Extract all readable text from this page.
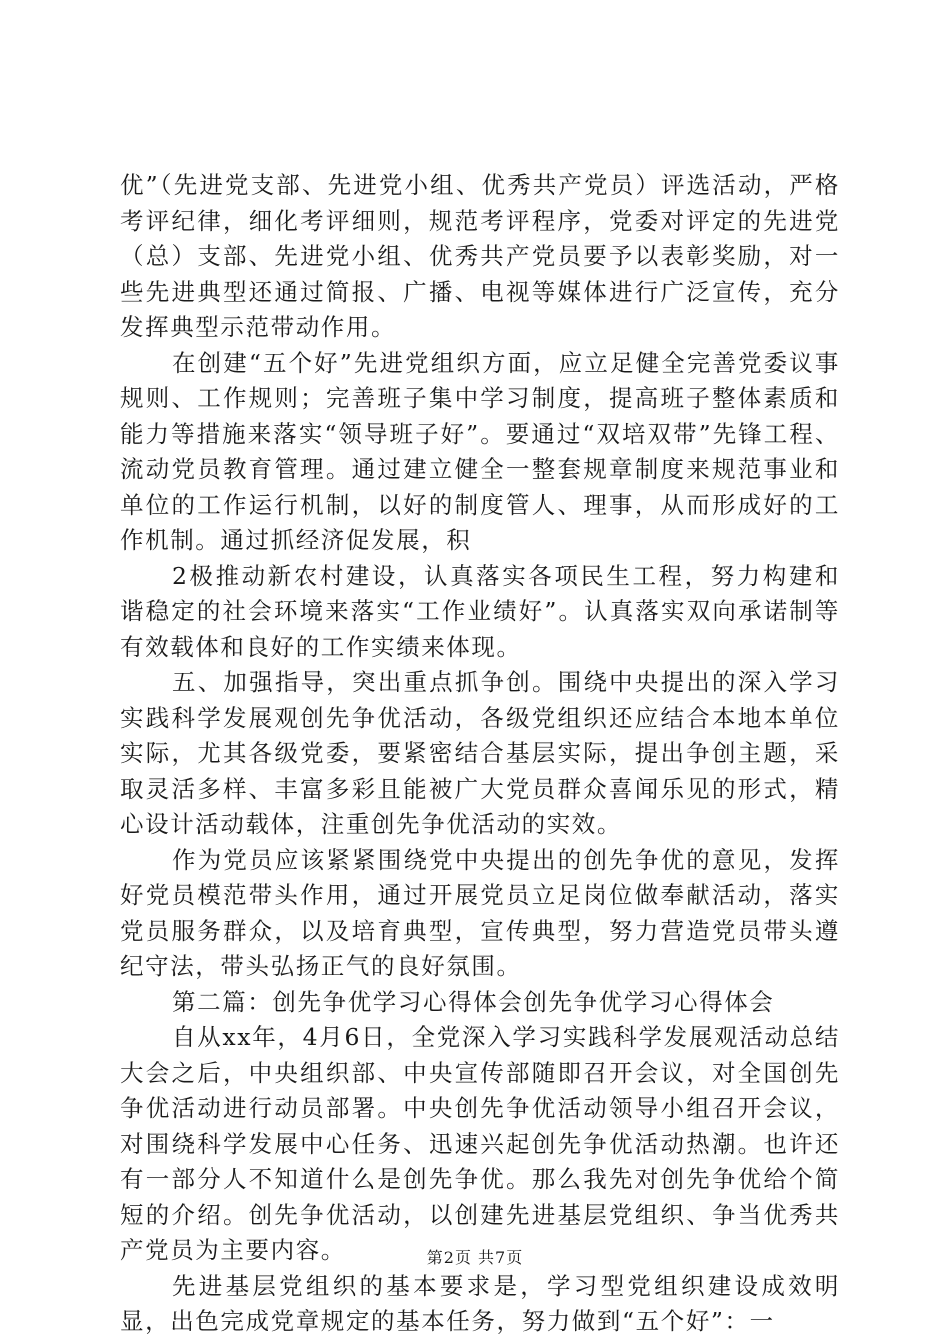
优”（先进党支部、先进党小组、优秀共产党员）评选活动，严格考评纪律，细化考评细则，规范考评程序，党委对评定的先进党（总）支部、先进党小组、优秀共产党员要予以表彰奖励，对一些先进典型还通过简报、广播、电视等媒体进行广泛宣传，充分发挥典型示范带动作用。

在创建“五个好”先进党组织方面，应立足健全完善党委议事规则、工作规则；完善班子集中学习制度，提高班子整体素质和能力等措施来落实“领导班子好”。要通过“双培双带”先锋工程、流动党员教育管理。通过建立健全一整套规章制度来规范事业和单位的工作运行机制，以好的制度管人、理事，从而形成好的工作机制。通过抓经济促发展，积

2极推动新农村建设，认真落实各项民生工程，努力构建和谐稳定的社会环境来落实“工作业绩好”。认真落实双向承诺制等有效载体和良好的工作实绩来体现。

五、加强指导，突出重点抓争创。围绕中央提出的深入学习实践科学发展观创先争优活动，各级党组织还应结合本地本单位实际，尤其各级党委，要紧密结合基层实际，提出争创主题，采取灵活多样、丰富多彩且能被广大党员群众喜闻乐见的形式，精心设计活动载体，注重创先争优活动的实效。

作为党员应该紧紧围绕党中央提出的创先争优的意见，发挥好党员模范带头作用，通过开展党员立足岗位做奉献活动，落实党员服务群众，以及培育典型，宣传典型，努力营造党员带头遵纪守法，带头弘扬正气的良好氛围。

第二篇：创先争优学习心得体会创先争优学习心得体会

自从xx年，4月6日，全党深入学习实践科学发展观活动总结大会之后，中央组织部、中央宣传部随即召开会议，对全国创先争优活动进行动员部署。中央创先争优活动领导小组召开会议，对围绕科学发展中心任务、迅速兴起创先争优活动热潮。也许还有一部分人不知道什么是创先争优。那么我先对创先争优给个简短的介绍。创先争优活动，以创建先进基层党组织、争当优秀共产党员为主要内容。

先进基层党组织的基本要求是，学习型党组织建设成效明显，出色完成党章规定的基本任务，努力做到“五个好”：一

第2页 共7页
